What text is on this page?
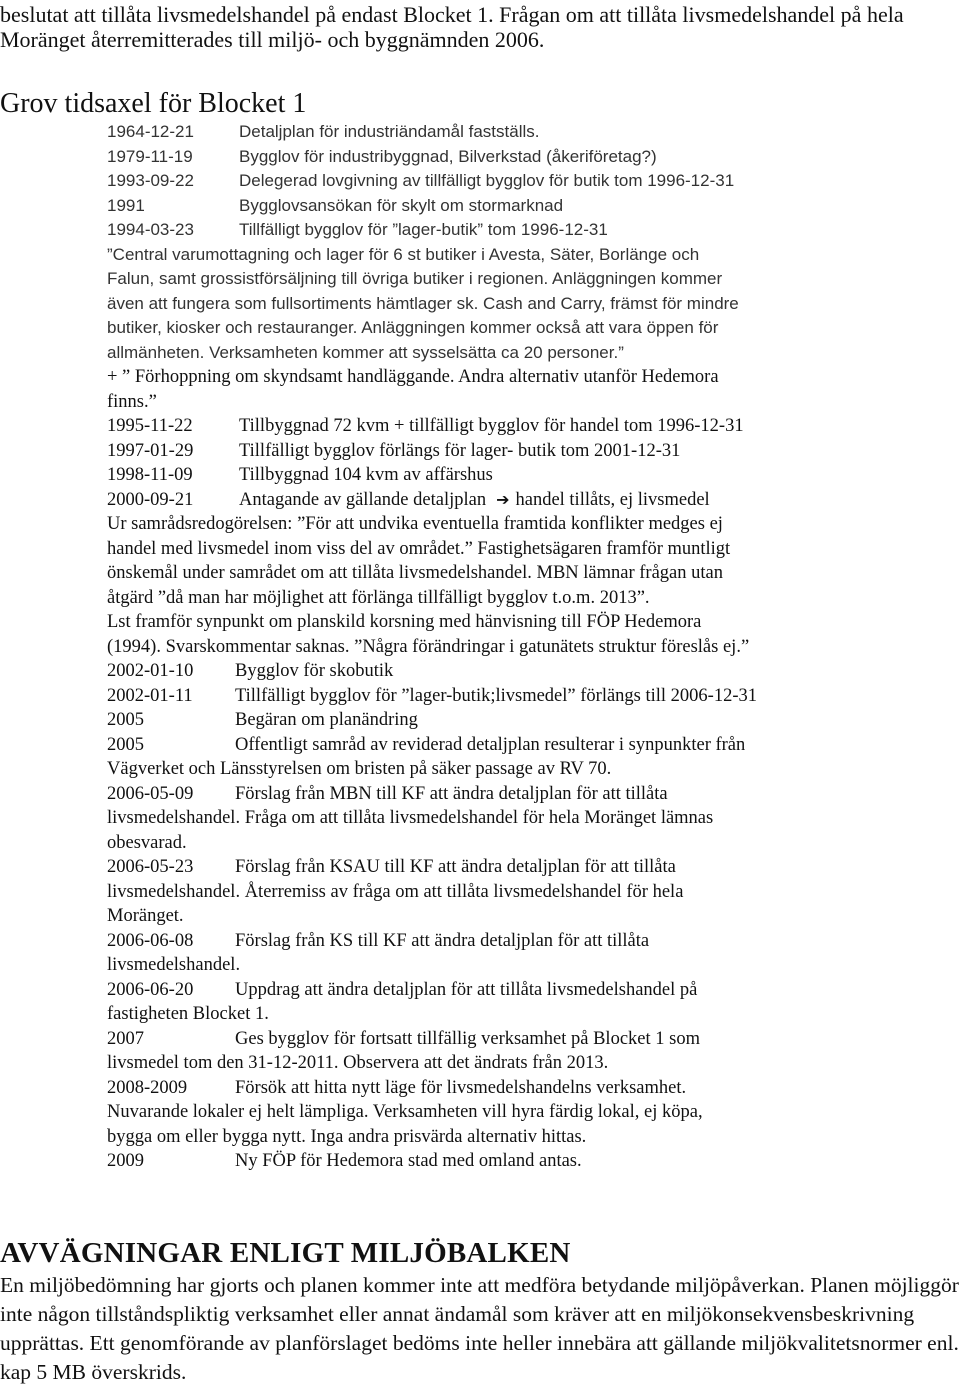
beslutat att tillåta livsmedelshandel på endast Blocket 1. Frågan om att tillåta livsmedelshandel på hela Moränget återremitterades till miljö- och byggnämnden 2006.
Grov tidsaxel för Blocket 1
1964-12-21	Detaljplan för industriändamål fastställs.
1979-11-19	Bygglov för industribyggnad, Bilverkstad (åkeriföretag?)
1993-09-22	Delegerad lovgivning av tillfälligt bygglov för butik tom 1996-12-31
1991	Bygglovsansökan för skylt om stormarknad
1994-03-23	Tillfälligt bygglov för ”lager-butik” tom 1996-12-31
”Central varumottagning och lager för 6 st butiker i Avesta, Säter, Borlänge och
Falun, samt grossistförsäljning till övriga butiker i regionen. Anläggningen kommer
även att fungera som fullsortiments hämtlager sk. Cash and Carry, främst för mindre
butiker, kiosker och restauranger. Anläggningen kommer också att vara öppen för
allmänheten. Verksamheten kommer att sysselsätta ca 20 personer.”
+ ” Förhoppning om skyndsamt handläggande. Andra alternativ utanför Hedemora
finns.”
1995-11-22	Tillbyggnad 72 kvm + tillfälligt bygglov för handel tom 1996-12-31
1997-01-29 Tillfälligt bygglov förlängs för lager- butik tom 2001-12-31
1998-11-09	Tillbyggnad 104 kvm av affärshus
2000-09-21 Antagande av gällande detaljplan ➔ handel tillåts, ej livsmedel
Ur samrådsredogörelsen: ”För att undvika eventuella framtida konflikter medges ej
handel med livsmedel inom viss del av området.” Fastighetsägaren framför muntligt
önskemål under samrådet om att tillåta livsmedelshandel. MBN lämnar frågan utan
åtgärd ”då man har möjlighet att förlänga tillfälligt bygglov t.o.m. 2013”.
Lst framför synpunkt om planskild korsning med hänvisning till FÖP Hedemora
(1994). Svarskommentar saknas. ”Några förändringar i gatunätets struktur föreslås ej.”
2002-01-10 Bygglov för skobutik
2002-01-11 Tillfälligt bygglov för ”lager-butik;livsmedel” förlängs till 2006-12-31
2005	Begäran om planändring
2005	Offentligt samråd av reviderad detaljplan resulterar i synpunkter från
Vägverket och Länsstyrelsen om bristen på säker passage av RV 70.
2006-05-09 Förslag från MBN till KF att ändra detaljplan för att tillåta
livsmedelshandel. Fråga om att tillåta livsmedelshandel för hela Moränget lämnas
obesvarad.
2006-05-23 Förslag från KSAU till KF att ändra detaljplan för att tillåta
livsmedelshandel. Återremiss av fråga om att tillåta livsmedelshandel för hela
Moränget.
2006-06-08 Förslag från KS till KF att ändra detaljplan för att tillåta
livsmedelshandel.
2006-06-20 Uppdrag att ändra detaljplan för att tillåta livsmedelshandel på
fastigheten Blocket 1.
2007	Ges bygglov för fortsatt tillfällig verksamhet på Blocket 1 som
livsmedel tom den 31-12-2011. Observera att det ändrats från 2013.
2008-2009	Försök att hitta nytt läge för livsmedelshandelns verksamhet.
Nuvarande lokaler ej helt lämpliga. Verksamheten vill hyra färdig lokal, ej köpa,
bygga om eller bygga nytt. Inga andra prisvärda alternativ hittas.
2009	Ny FÖP för Hedemora stad med omland antas.
AVVÄGNINGAR ENLIGT MILJÖBALKEN
En miljöbedömning har gjorts och planen kommer inte att medföra betydande miljöpåverkan. Planen möjliggör inte någon tillståndspliktig verksamhet eller annat ändamål som kräver att en miljökonsekvensbeskrivning upprättas. Ett genomförande av planförslaget bedöms inte heller innebära att gällande miljökvalitetsnormer enl. kap 5 MB överskrids.
